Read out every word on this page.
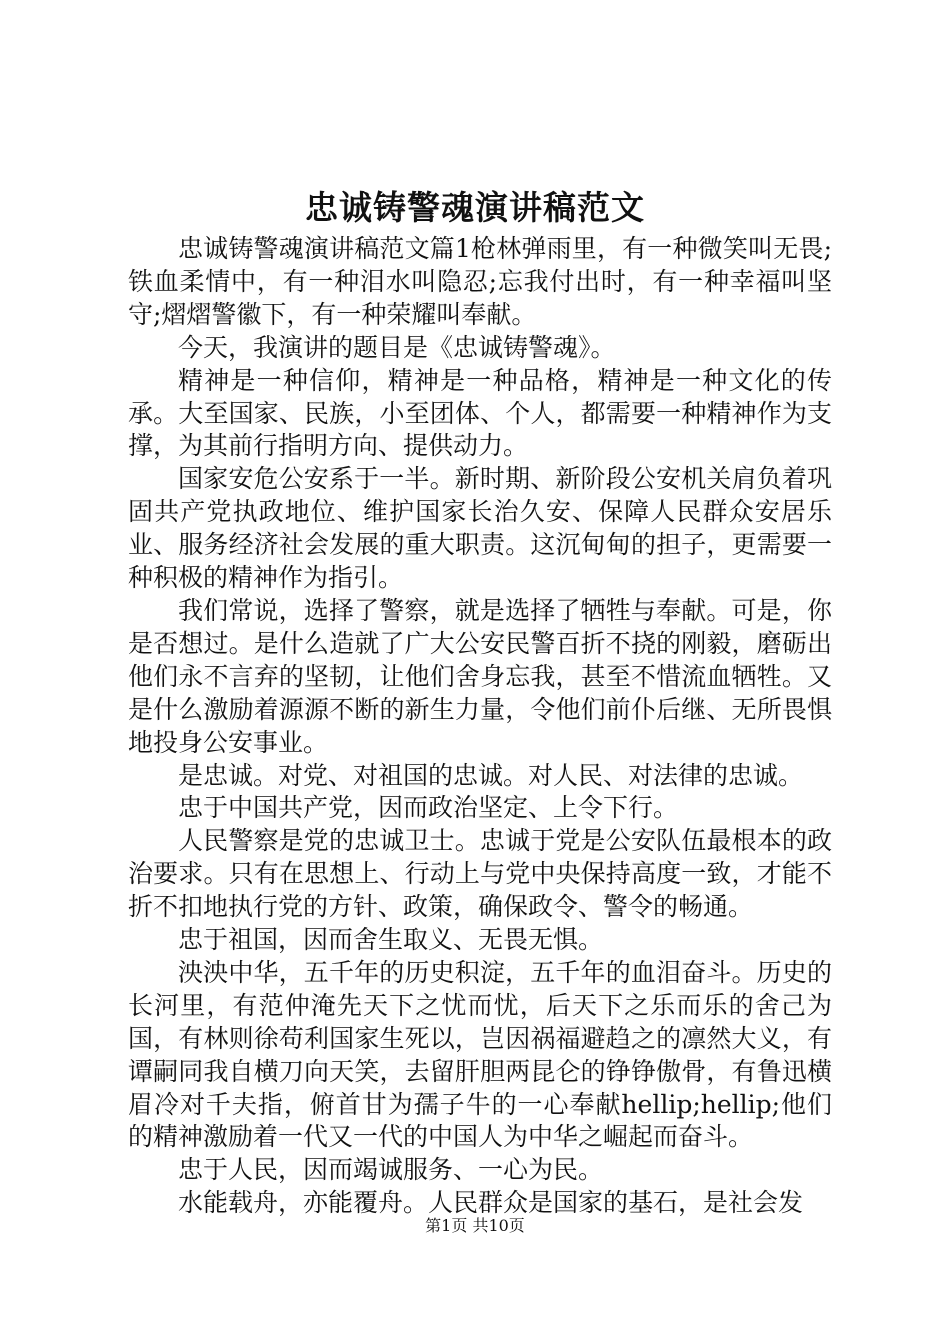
忠诚铸警魂演讲稿范文

忠诚铸警魂演讲稿范文篇1枪林弹雨里，有一种微笑叫无畏;铁血柔情中，有一种泪水叫隐忍;忘我付出时，有一种幸福叫坚守;熠熠警徽下，有一种荣耀叫奉献。

今天，我演讲的题目是《忠诚铸警魂》。

精神是一种信仰，精神是一种品格，精神是一种文化的传承。大至国家、民族，小至团体、个人，都需要一种精神作为支撑，为其前行指明方向、提供动力。

国家安危公安系于一半。新时期、新阶段公安机关肩负着巩固共产党执政地位、维护国家长治久安、保障人民群众安居乐业、服务经济社会发展的重大职责。这沉甸甸的担子，更需要一种积极的精神作为指引。

我们常说，选择了警察，就是选择了牺牲与奉献。可是，你是否想过。是什么造就了广大公安民警百折不挠的刚毅，磨砺出他们永不言弃的坚韧，让他们舍身忘我，甚至不惜流血牺牲。又是什么激励着源源不断的新生力量，令他们前仆后继、无所畏惧地投身公安事业。

是忠诚。对党、对祖国的忠诚。对人民、对法律的忠诚。

忠于中国共产党，因而政治坚定、上令下行。

人民警察是党的忠诚卫士。忠诚于党是公安队伍最根本的政治要求。只有在思想上、行动上与党中央保持高度一致，才能不折不扣地执行党的方针、政策，确保政令、警令的畅通。

忠于祖国，因而舍生取义、无畏无惧。

泱泱中华，五千年的历史积淀，五千年的血泪奋斗。历史的长河里，有范仲淹先天下之忧而忧，后天下之乐而乐的舍己为国，有林则徐苟利国家生死以，岂因祸福避趋之的凛然大义，有谭嗣同我自横刀向天笑，去留肝胆两昆仑的铮铮傲骨，有鲁迅横眉冷对千夫指，俯首甘为孺子牛的一心奉献hellip;hellip;他们的精神激励着一代又一代的中国人为中华之崛起而奋斗。

忠于人民，因而竭诚服务、一心为民。

水能载舟，亦能覆舟。人民群众是国家的基石，是社会发

第1页 共10页
